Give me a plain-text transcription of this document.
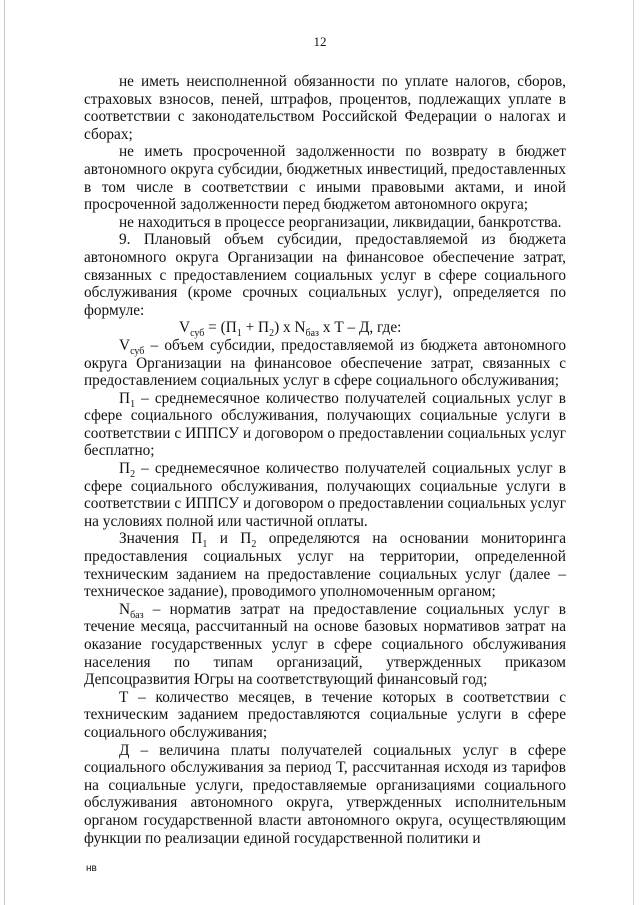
12

не иметь неисполненной обязанности по уплате налогов, сборов, страховых взносов, пеней, штрафов, процентов, подлежащих уплате в соответствии с законодательством Российской Федерации о налогах и сборах;

не иметь просроченной задолженности по возврату в бюджет автономного округа субсидии, бюджетных инвестиций, предоставленных в том числе в соответствии с иными правовыми актами, и иной просроченной задолженности перед бюджетом автономного округа;

не находиться в процессе реорганизации, ликвидации, банкротства.

9. Плановый объем субсидии, предоставляемой из бюджета автономного округа Организации на финансовое обеспечение затрат, связанных с предоставлением социальных услуг в сфере социального обслуживания (кроме срочных социальных услуг), определяется по формуле:

$V_{суб} = (П_1 + П_2)$ х $N_{баз}$ х Т – Д, где:

$V_{суб}$ – объем субсидии, предоставляемой из бюджета автономного округа Организации на финансовое обеспечение затрат, связанных с предоставлением социальных услуг в сфере социального обслуживания;

$П_1$ – среднемесячное количество получателей социальных услуг в сфере социального обслуживания, получающих социальные услуги в соответствии с ИППСУ и договором о предоставлении социальных услуг бесплатно;

$П_2$ – среднемесячное количество получателей социальных услуг в сфере социального обслуживания, получающих социальные услуги в соответствии с ИППСУ и договором о предоставлении социальных услуг на условиях полной или частичной оплаты.

Значения $П_1$ и $П_2$ определяются на основании мониторинга предоставления социальных услуг на территории, определенной техническим заданием на предоставление социальных услуг (далее – техническое задание), проводимого уполномоченным органом;

$N_{баз}$ – норматив затрат на предоставление социальных услуг в течение месяца, рассчитанный на основе базовых нормативов затрат на оказание государственных услуг в сфере социального обслуживания населения по типам организаций, утвержденных приказом Депсоцразвития Югры на соответствующий финансовый год;

Т – количество месяцев, в течение которых в соответствии с техническим заданием предоставляются социальные услуги в сфере социального обслуживания;

Д – величина платы получателей социальных услуг в сфере социального обслуживания за период Т, рассчитанная исходя из тарифов на социальные услуги, предоставляемые организациями социального обслуживания автономного округа, утвержденных исполнительным органом государственной власти автономного округа, осуществляющим функции по реализации единой государственной политики и

нв
